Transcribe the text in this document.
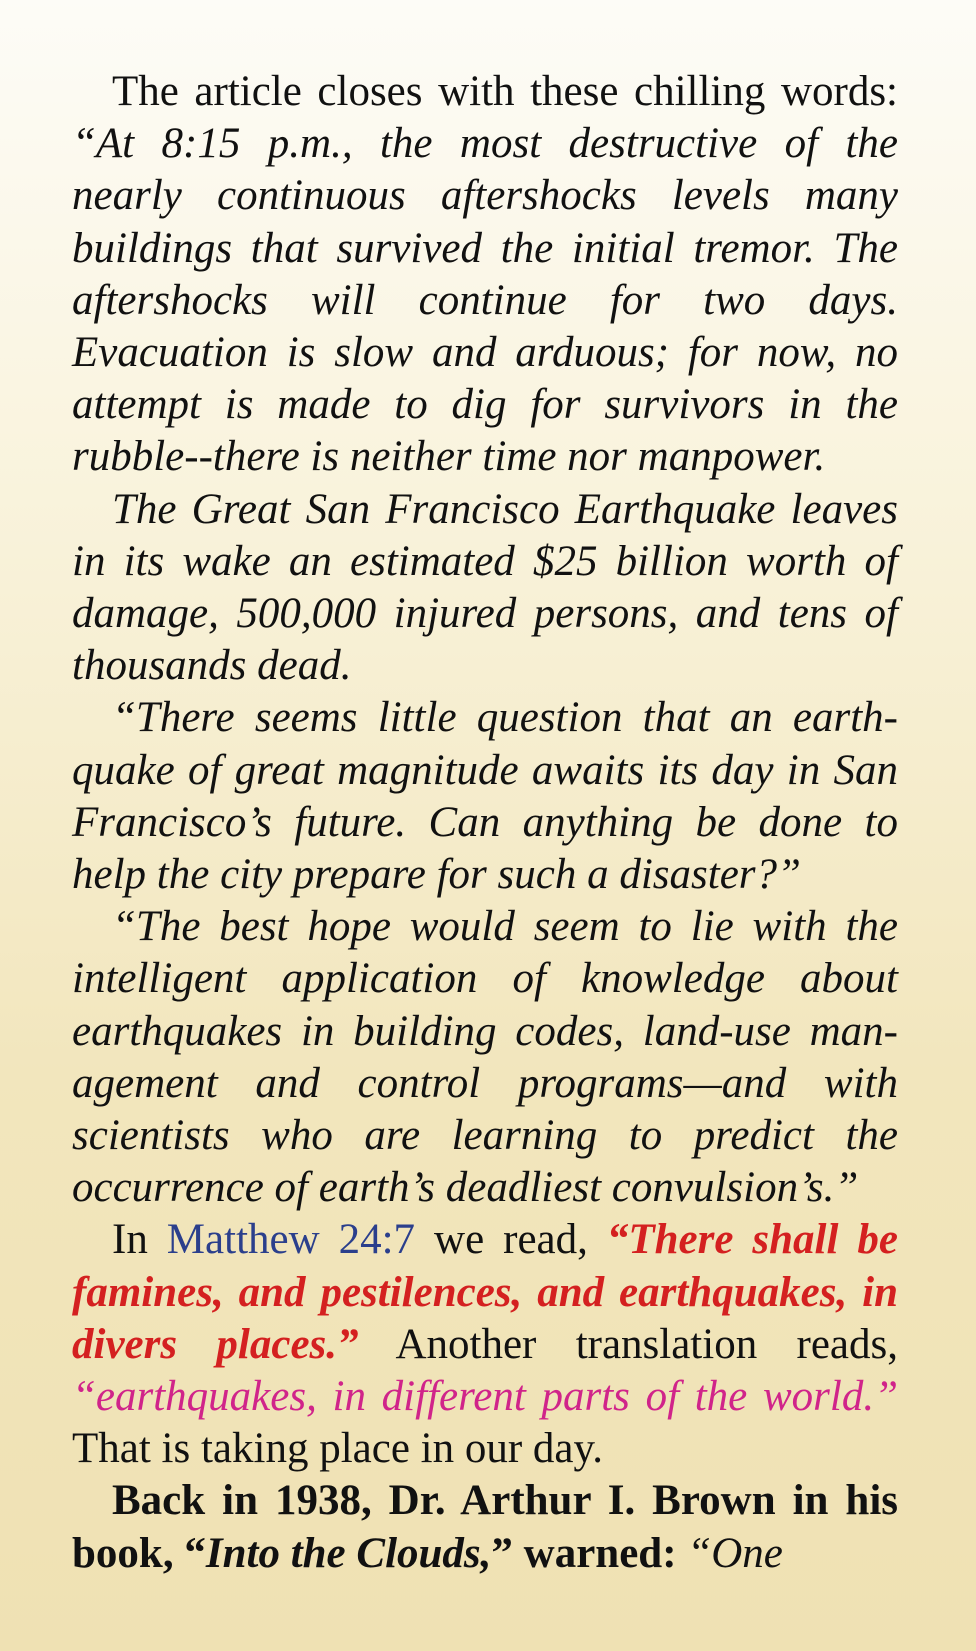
The article closes with these chilling words: “At 8:15 p.m., the most destructive of the nearly continuous aftershocks levels many buildings that survived the initial tremor. The aftershocks will continue for two days. Evacuation is slow and arduous; for now, no attempt is made to dig for survivors in the rubble--there is neither time nor manpower.

The Great San Francisco Earthquake leaves in its wake an estimated $25 billion worth of damage, 500,000 injured persons, and tens of thousands dead.

“There seems little question that an earth-quake of great magnitude awaits its day in San Francisco’s future. Can anything be done to help the city prepare for such a disaster?”

“The best hope would seem to lie with the intelligent application of knowledge about earthquakes in building codes, land-use man-agement and control programs—and with scientists who are learning to predict the occurrence of earth’s deadliest convulsion’s.”

In Matthew 24:7 we read, “There shall be famines, and pestilences, and earthquakes, in divers places.” Another translation reads, “earthquakes, in different parts of the world.” That is taking place in our day.

Back in 1938, Dr. Arthur I. Brown in his book, “Into the Clouds,” warned: “One
